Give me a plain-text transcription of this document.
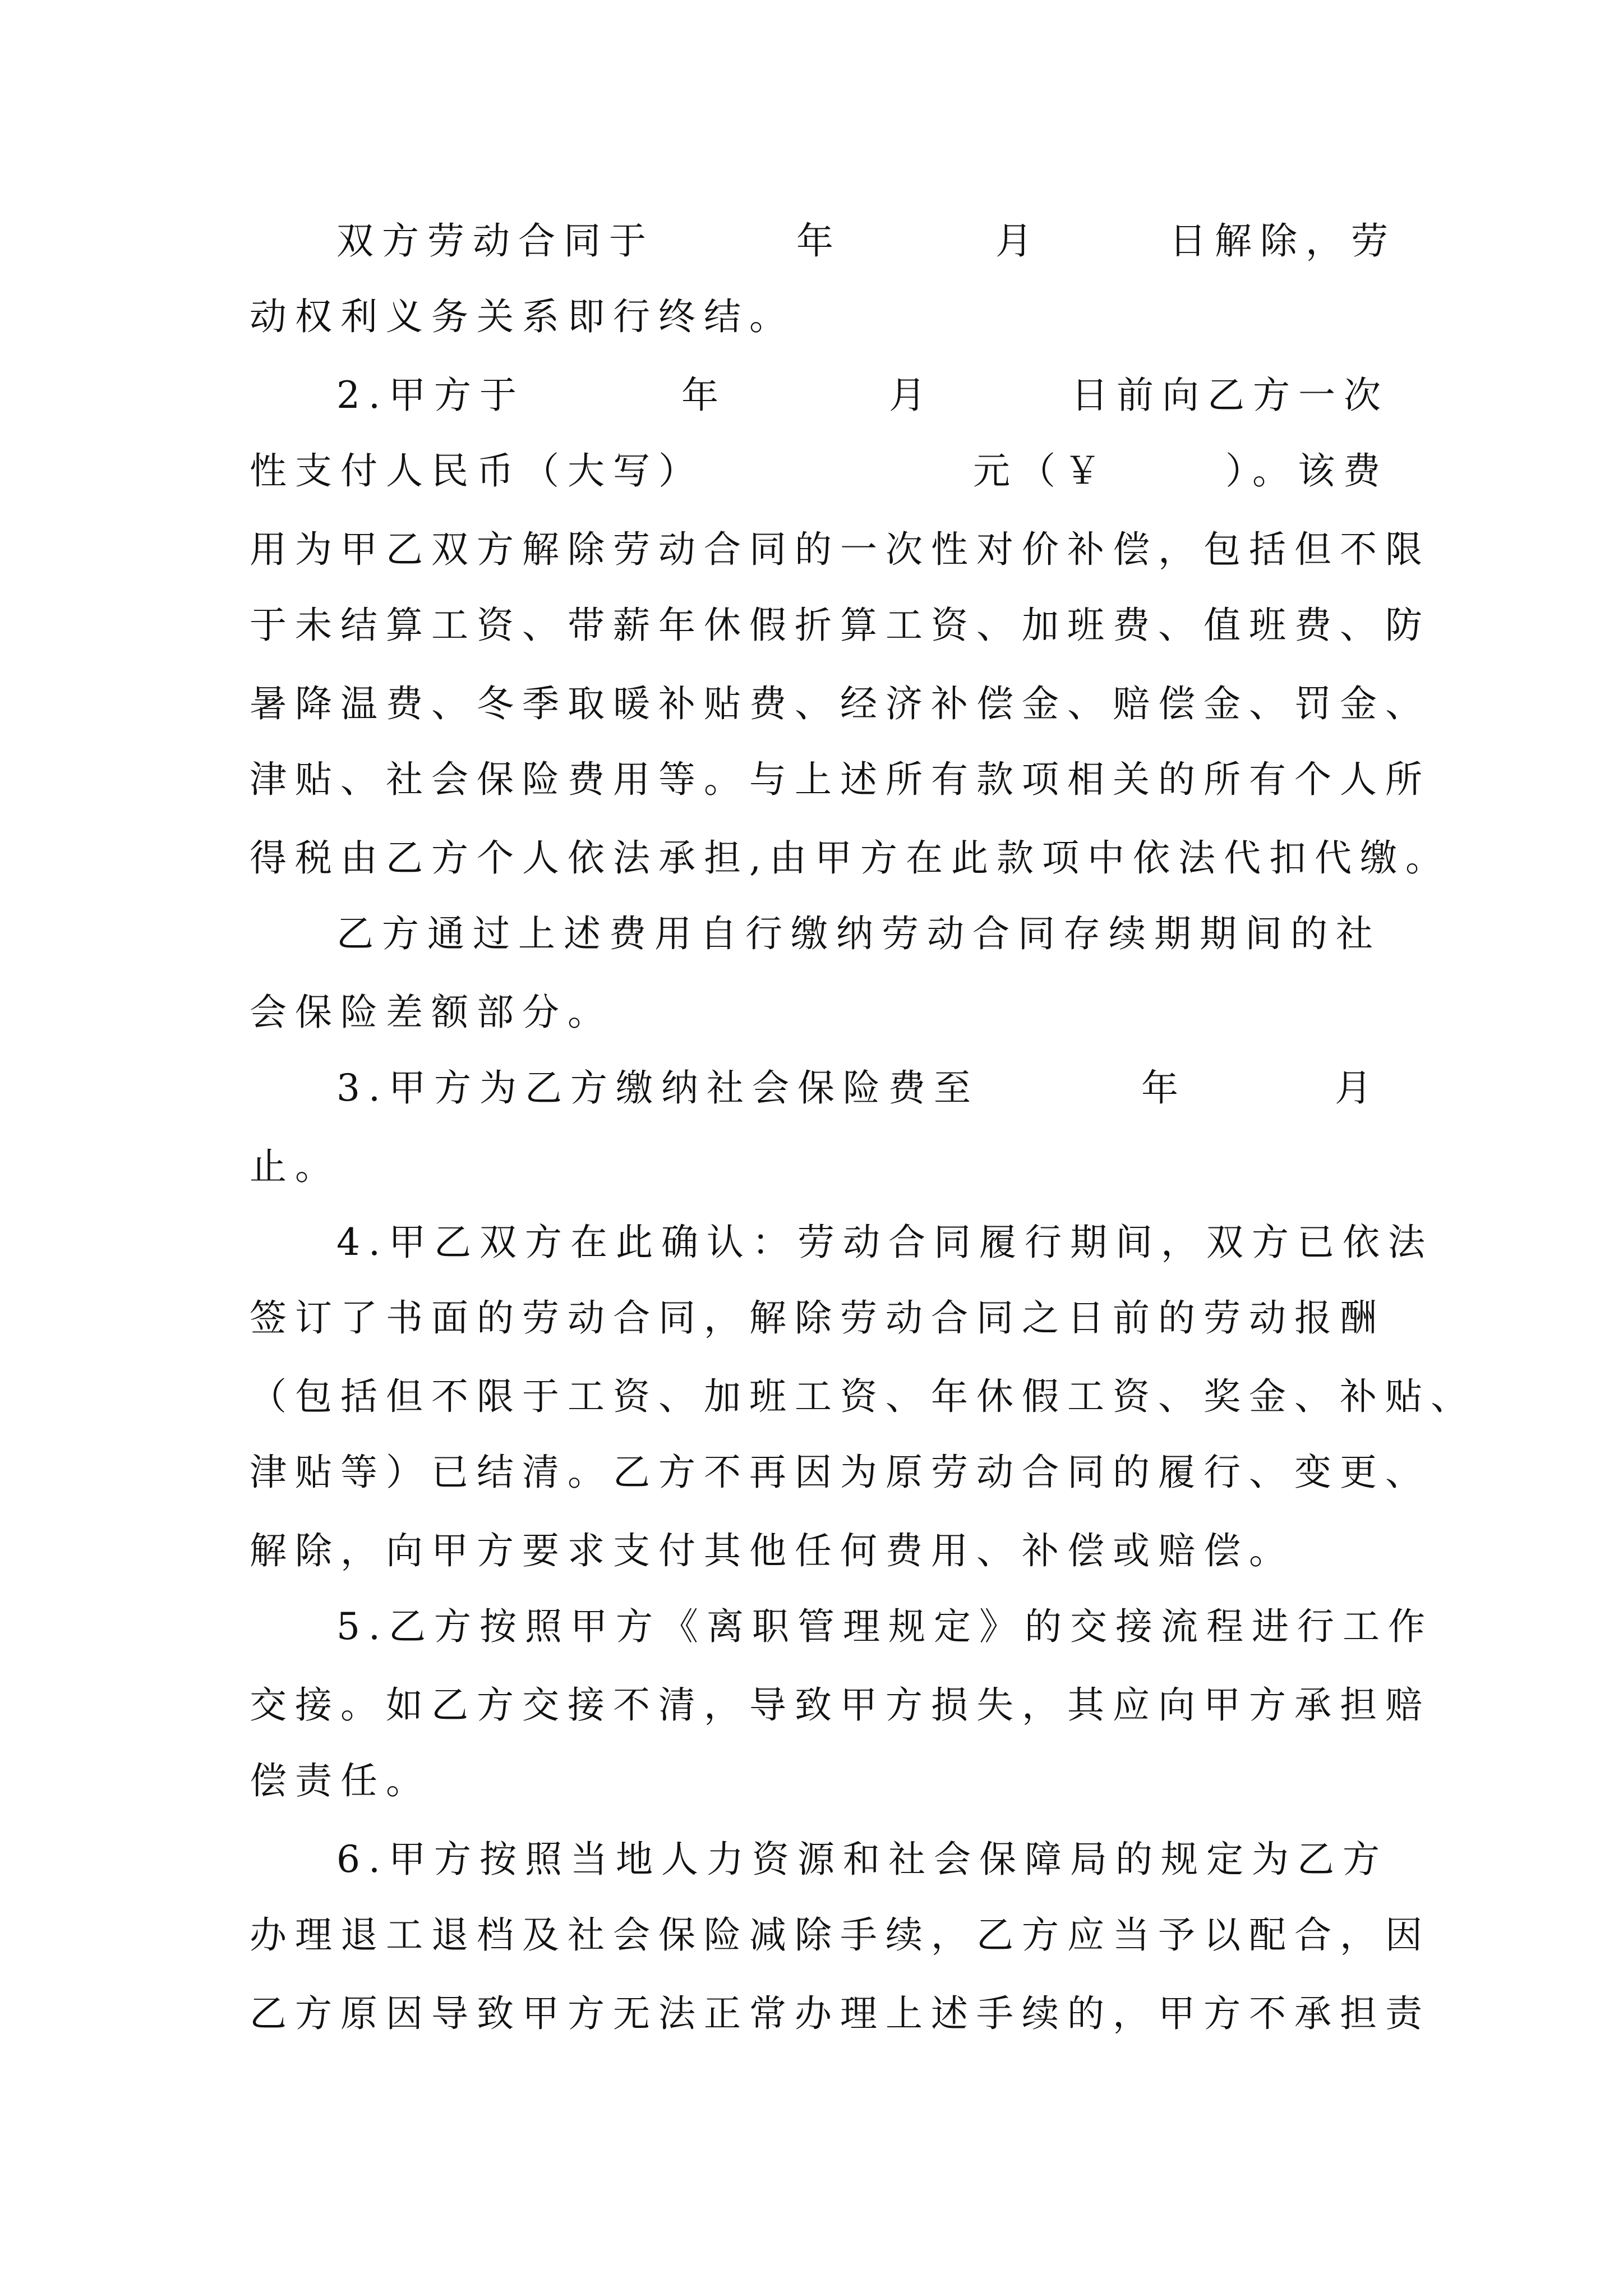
双方劳动合同于	年	月	日解除，劳
动权利义务关系即行终结。
2.甲方于	年	月	日前向乙方一次
性支付人民币（大写）	元（￥	）。该费
用为甲乙双方解除劳动合同的一次性对价补偿，包括但不限
于未结算工资、带薪年休假折算工资、加班费、值班费、防
暑降温费、冬季取暖补贴费、经济补偿金、赔偿金、罚金、
津贴、社会保险费用等。与上述所有款项相关的所有个人所
得税由乙方个人依法承担,由甲方在此款项中依法代扣代缴。
乙方通过上述费用自行缴纳劳动合同存续期期间的社
会保险差额部分。
3.甲方为乙方缴纳社会保险费至	年	月
止。
4.甲乙双方在此确认：劳动合同履行期间，双方已依法
签订了书面的劳动合同，解除劳动合同之日前的劳动报酬
（包括但不限于工资、加班工资、年休假工资、奖金、补贴、
津贴等）已结清。乙方不再因为原劳动合同的履行、变更、
解除，向甲方要求支付其他任何费用、补偿或赔偿。
5.乙方按照甲方《离职管理规定》的交接流程进行工作
交接。如乙方交接不清，导致甲方损失，其应向甲方承担赔
偿责任。
6.甲方按照当地人力资源和社会保障局的规定为乙方
办理退工退档及社会保险减除手续，乙方应当予以配合，因
乙方原因导致甲方无法正常办理上述手续的，甲方不承担责
